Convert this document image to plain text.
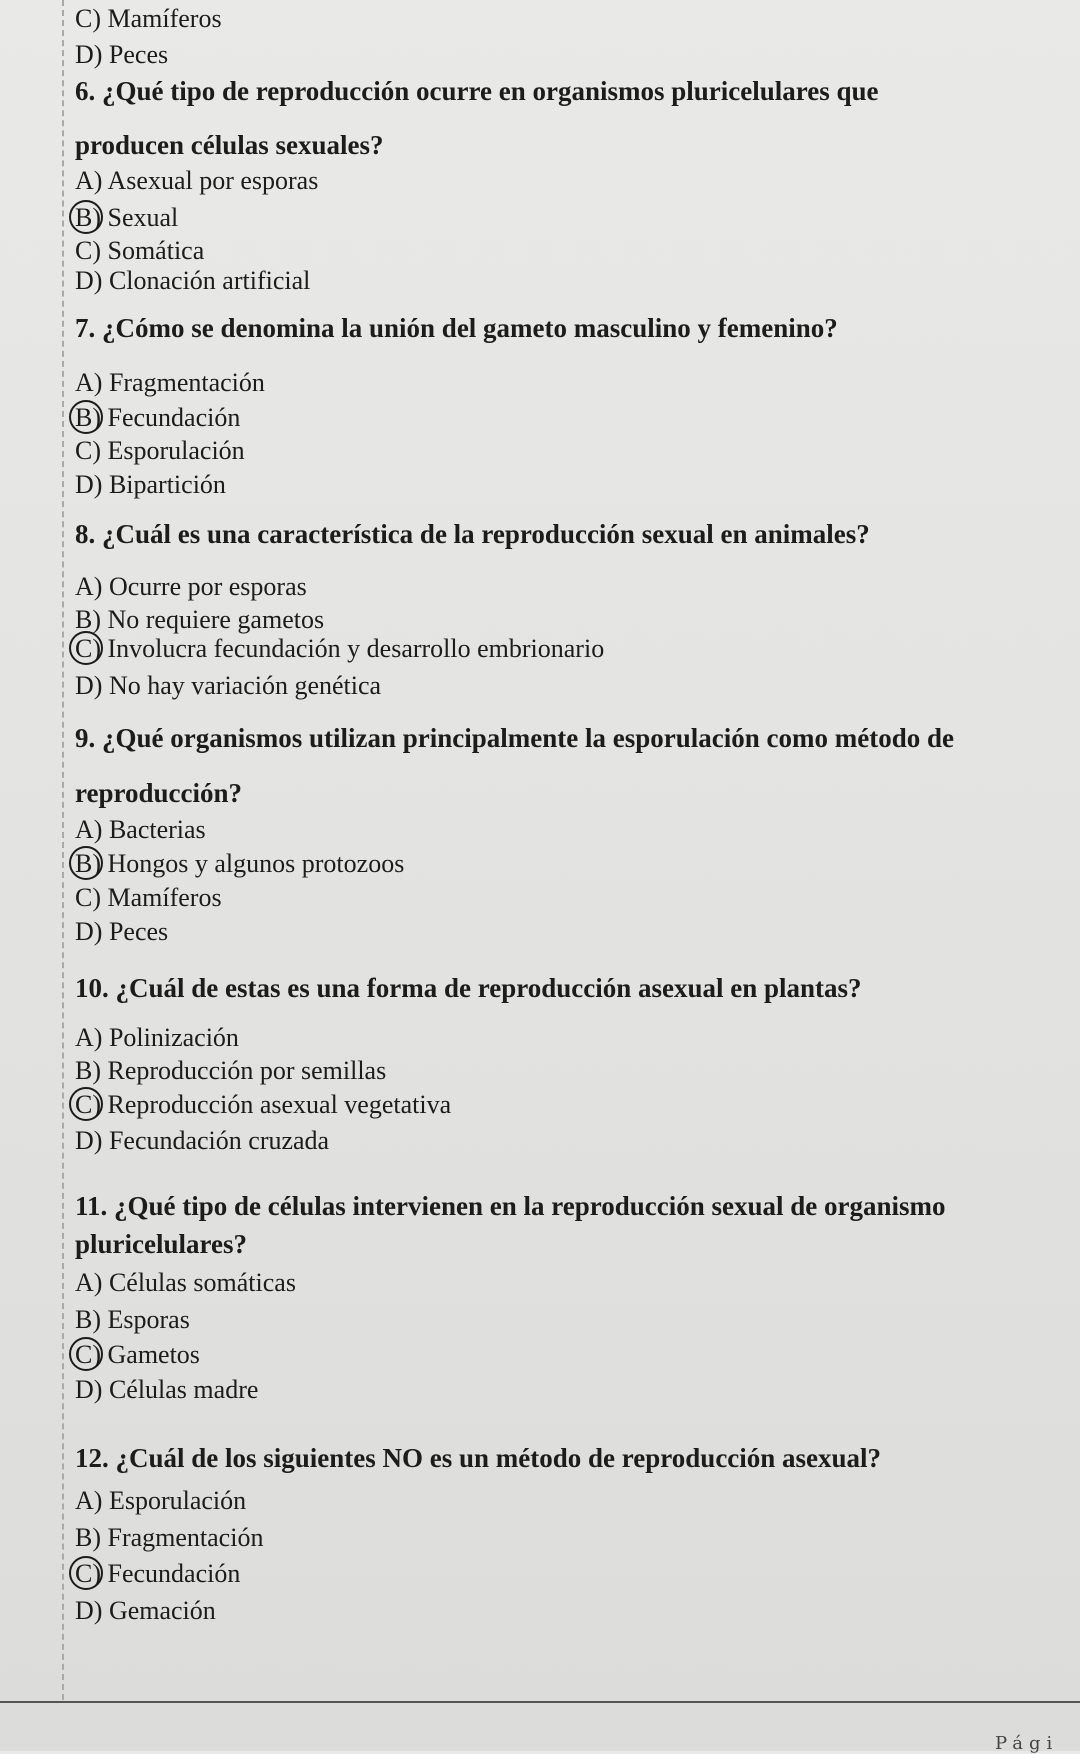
C) Mamíferos
D) Peces
6. ¿Qué tipo de reproducción ocurre en organismos pluricelulares que
producen células sexuales?
A) Asexual por esporas
B) Sexual
C) Somática
D) Clonación artificial
7. ¿Cómo se denomina la unión del gameto masculino y femenino?
A) Fragmentación
B) Fecundación
C) Esporulación
D) Bipartición
8. ¿Cuál es una característica de la reproducción sexual en animales?
A) Ocurre por esporas
B) No requiere gametos
C) Involucra fecundación y desarrollo embrionario
D) No hay variación genética
9. ¿Qué organismos utilizan principalmente la esporulación como método de
reproducción?
A) Bacterias
B) Hongos y algunos protozoos
C) Mamíferos
D) Peces
10. ¿Cuál de estas es una forma de reproducción asexual en plantas?
A) Polinización
B) Reproducción por semillas
C) Reproducción asexual vegetativa
D) Fecundación cruzada
11. ¿Qué tipo de células intervienen en la reproducción sexual de organismo
pluricelulares?
A) Células somáticas
B) Esporas
C) Gametos
D) Células madre
12. ¿Cuál de los siguientes NO es un método de reproducción asexual?
A) Esporulación
B) Fragmentación
C) Fecundación
D) Gemación
Pági
